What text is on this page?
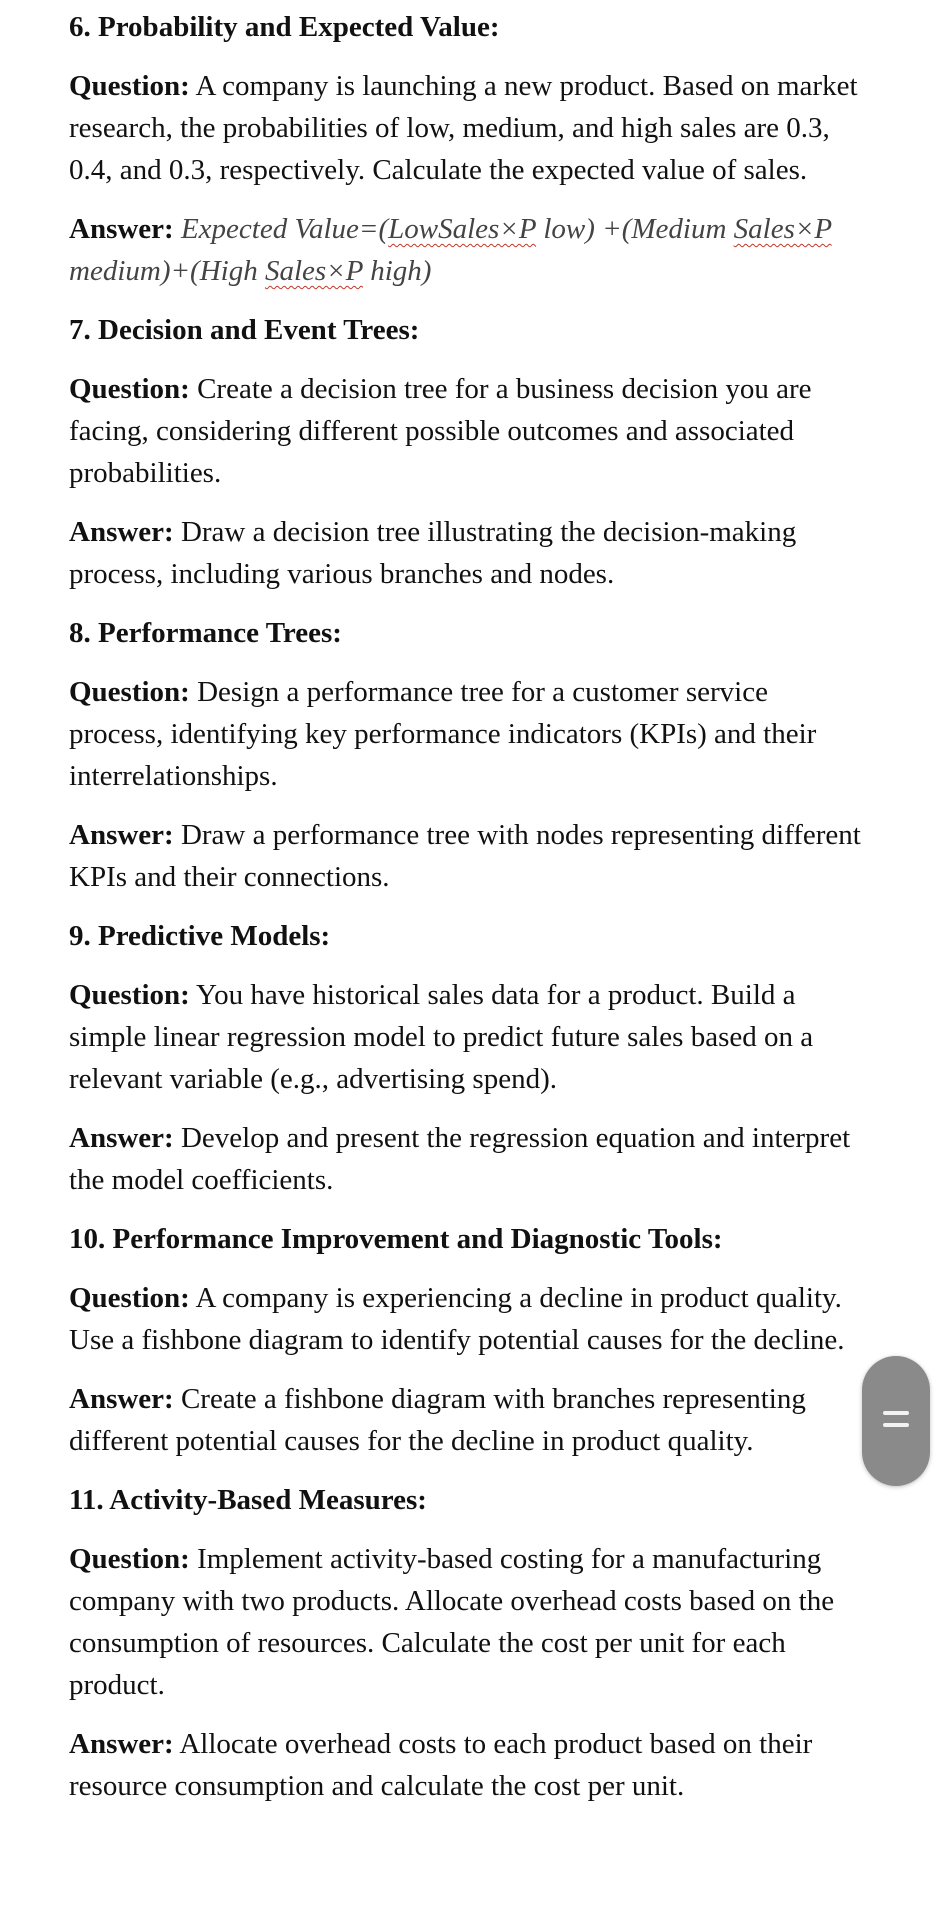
6. Probability and Expected Value:

Question: A company is launching a new product. Based on market research, the probabilities of low, medium, and high sales are 0.3, 0.4, and 0.3, respectively. Calculate the expected value of sales.

Answer: Expected Value=(LowSales×P low) +(Medium Sales×P medium)+(High Sales×P high)

7. Decision and Event Trees:

Question: Create a decision tree for a business decision you are facing, considering different possible outcomes and associated probabilities.

Answer: Draw a decision tree illustrating the decision-making process, including various branches and nodes.

8. Performance Trees:

Question: Design a performance tree for a customer service process, identifying key performance indicators (KPIs) and their interrelationships.

Answer: Draw a performance tree with nodes representing different KPIs and their connections.

9. Predictive Models:

Question: You have historical sales data for a product. Build a simple linear regression model to predict future sales based on a relevant variable (e.g., advertising spend).

Answer: Develop and present the regression equation and interpret the model coefficients.

10. Performance Improvement and Diagnostic Tools:

Question: A company is experiencing a decline in product quality. Use a fishbone diagram to identify potential causes for the decline.

Answer: Create a fishbone diagram with branches representing different potential causes for the decline in product quality.

11. Activity-Based Measures:

Question: Implement activity-based costing for a manufacturing company with two products. Allocate overhead costs based on the consumption of resources. Calculate the cost per unit for each product.

Answer: Allocate overhead costs to each product based on their resource consumption and calculate the cost per unit.
